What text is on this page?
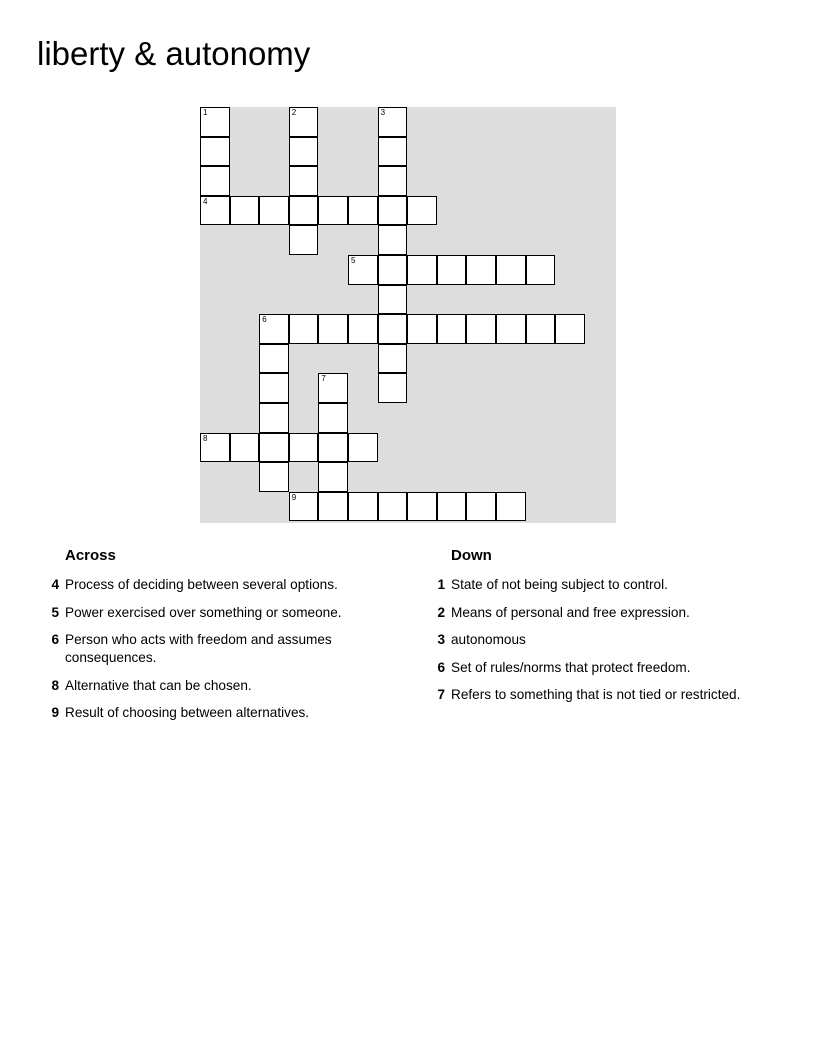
liberty & autonomy
1	2	3
4
5
6
7
8
9
Across
4 Process of deciding between several options.
5 Power exercised over something or someone.
6 Person who acts with freedom and assumes consequences.
8 Alternative that can be chosen.
9 Result of choosing between alternatives.
Down
1 State of not being subject to control.
2 Means of personal and free expression.
3 autonomous
6 Set of rules/norms that protect freedom.
7 Refers to something that is not tied or restricted.
